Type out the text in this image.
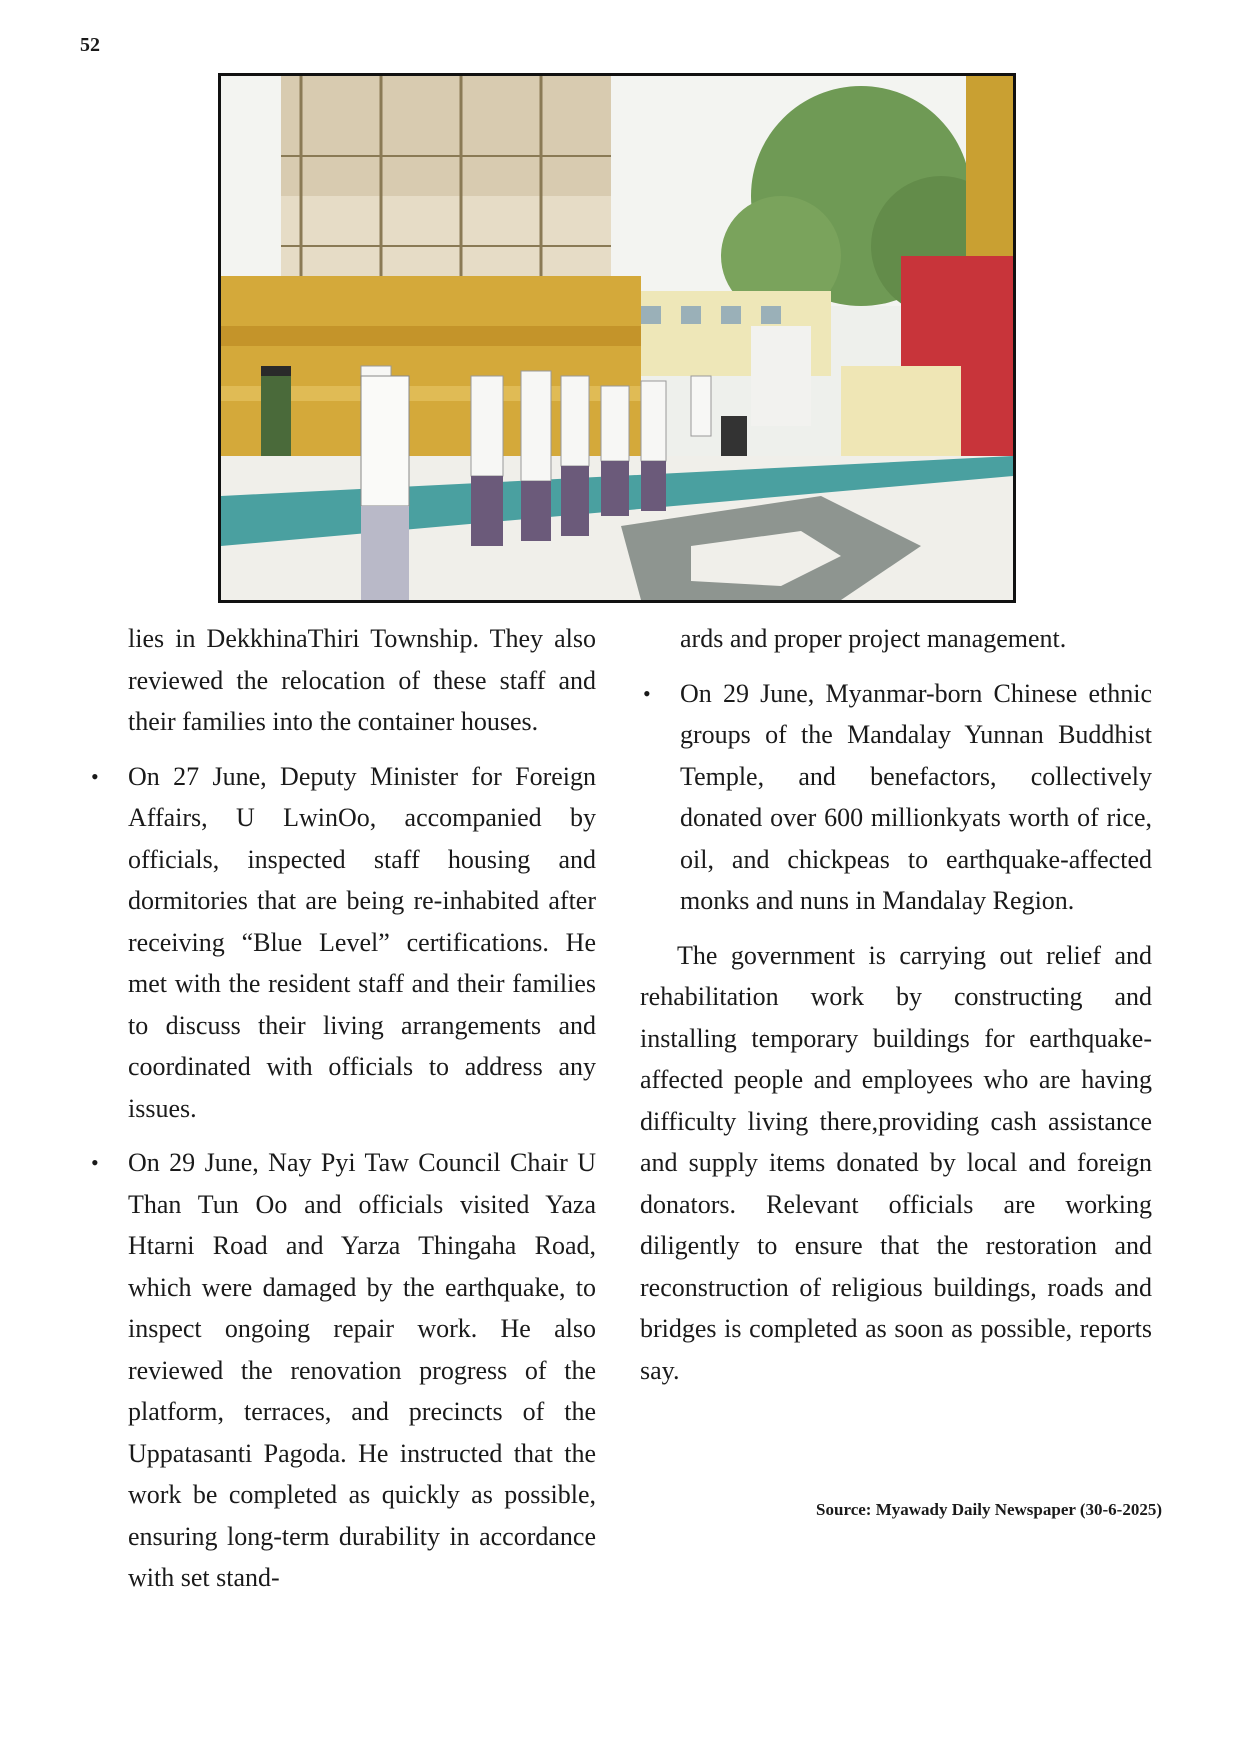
52

lies in DekkhinaThiri Township. They also reviewed the relocation of these staff and their families into the container houses.

• On 27 June, Deputy Minister for Foreign Affairs, U LwinOo, accompanied by officials, inspected staff housing and dormitories that are being re-inhabited after receiving “Blue Level” certifications. He met with the resident staff and their families to discuss their living arrangements and coordinated with officials to address any issues.
• On 29 June, Nay Pyi Taw Council Chair U Than Tun Oo and officials visited Yaza Htarni Road and Yarza Thingaha Road, which were damaged by the earthquake, to inspect ongoing repair work. He also reviewed the renovation progress of the platform, terraces, and precincts of the Uppatasanti Pagoda. He instructed that the work be completed as quickly as possible, ensuring long-term durability in accordance with set stand-

ards and proper project management.

• On 29 June, Myanmar-born Chinese ethnic groups of the Mandalay Yunnan Buddhist Temple, and benefactors, collectively donated over 600 millionkyats worth of rice, oil, and chickpeas to earthquake-affected monks and nuns in Mandalay Region.

The government is carrying out relief and rehabilitation work by constructing and installing temporary buildings for earthquake-affected people and employees who are having difficulty living there,providing cash assistance and supply items donated by local and foreign donators. Relevant officials are working diligently to ensure that the restoration and reconstruction of religious buildings, roads and bridges is completed as soon as possible, reports say.

Source: Myawady Daily Newspaper (30-6-2025)
